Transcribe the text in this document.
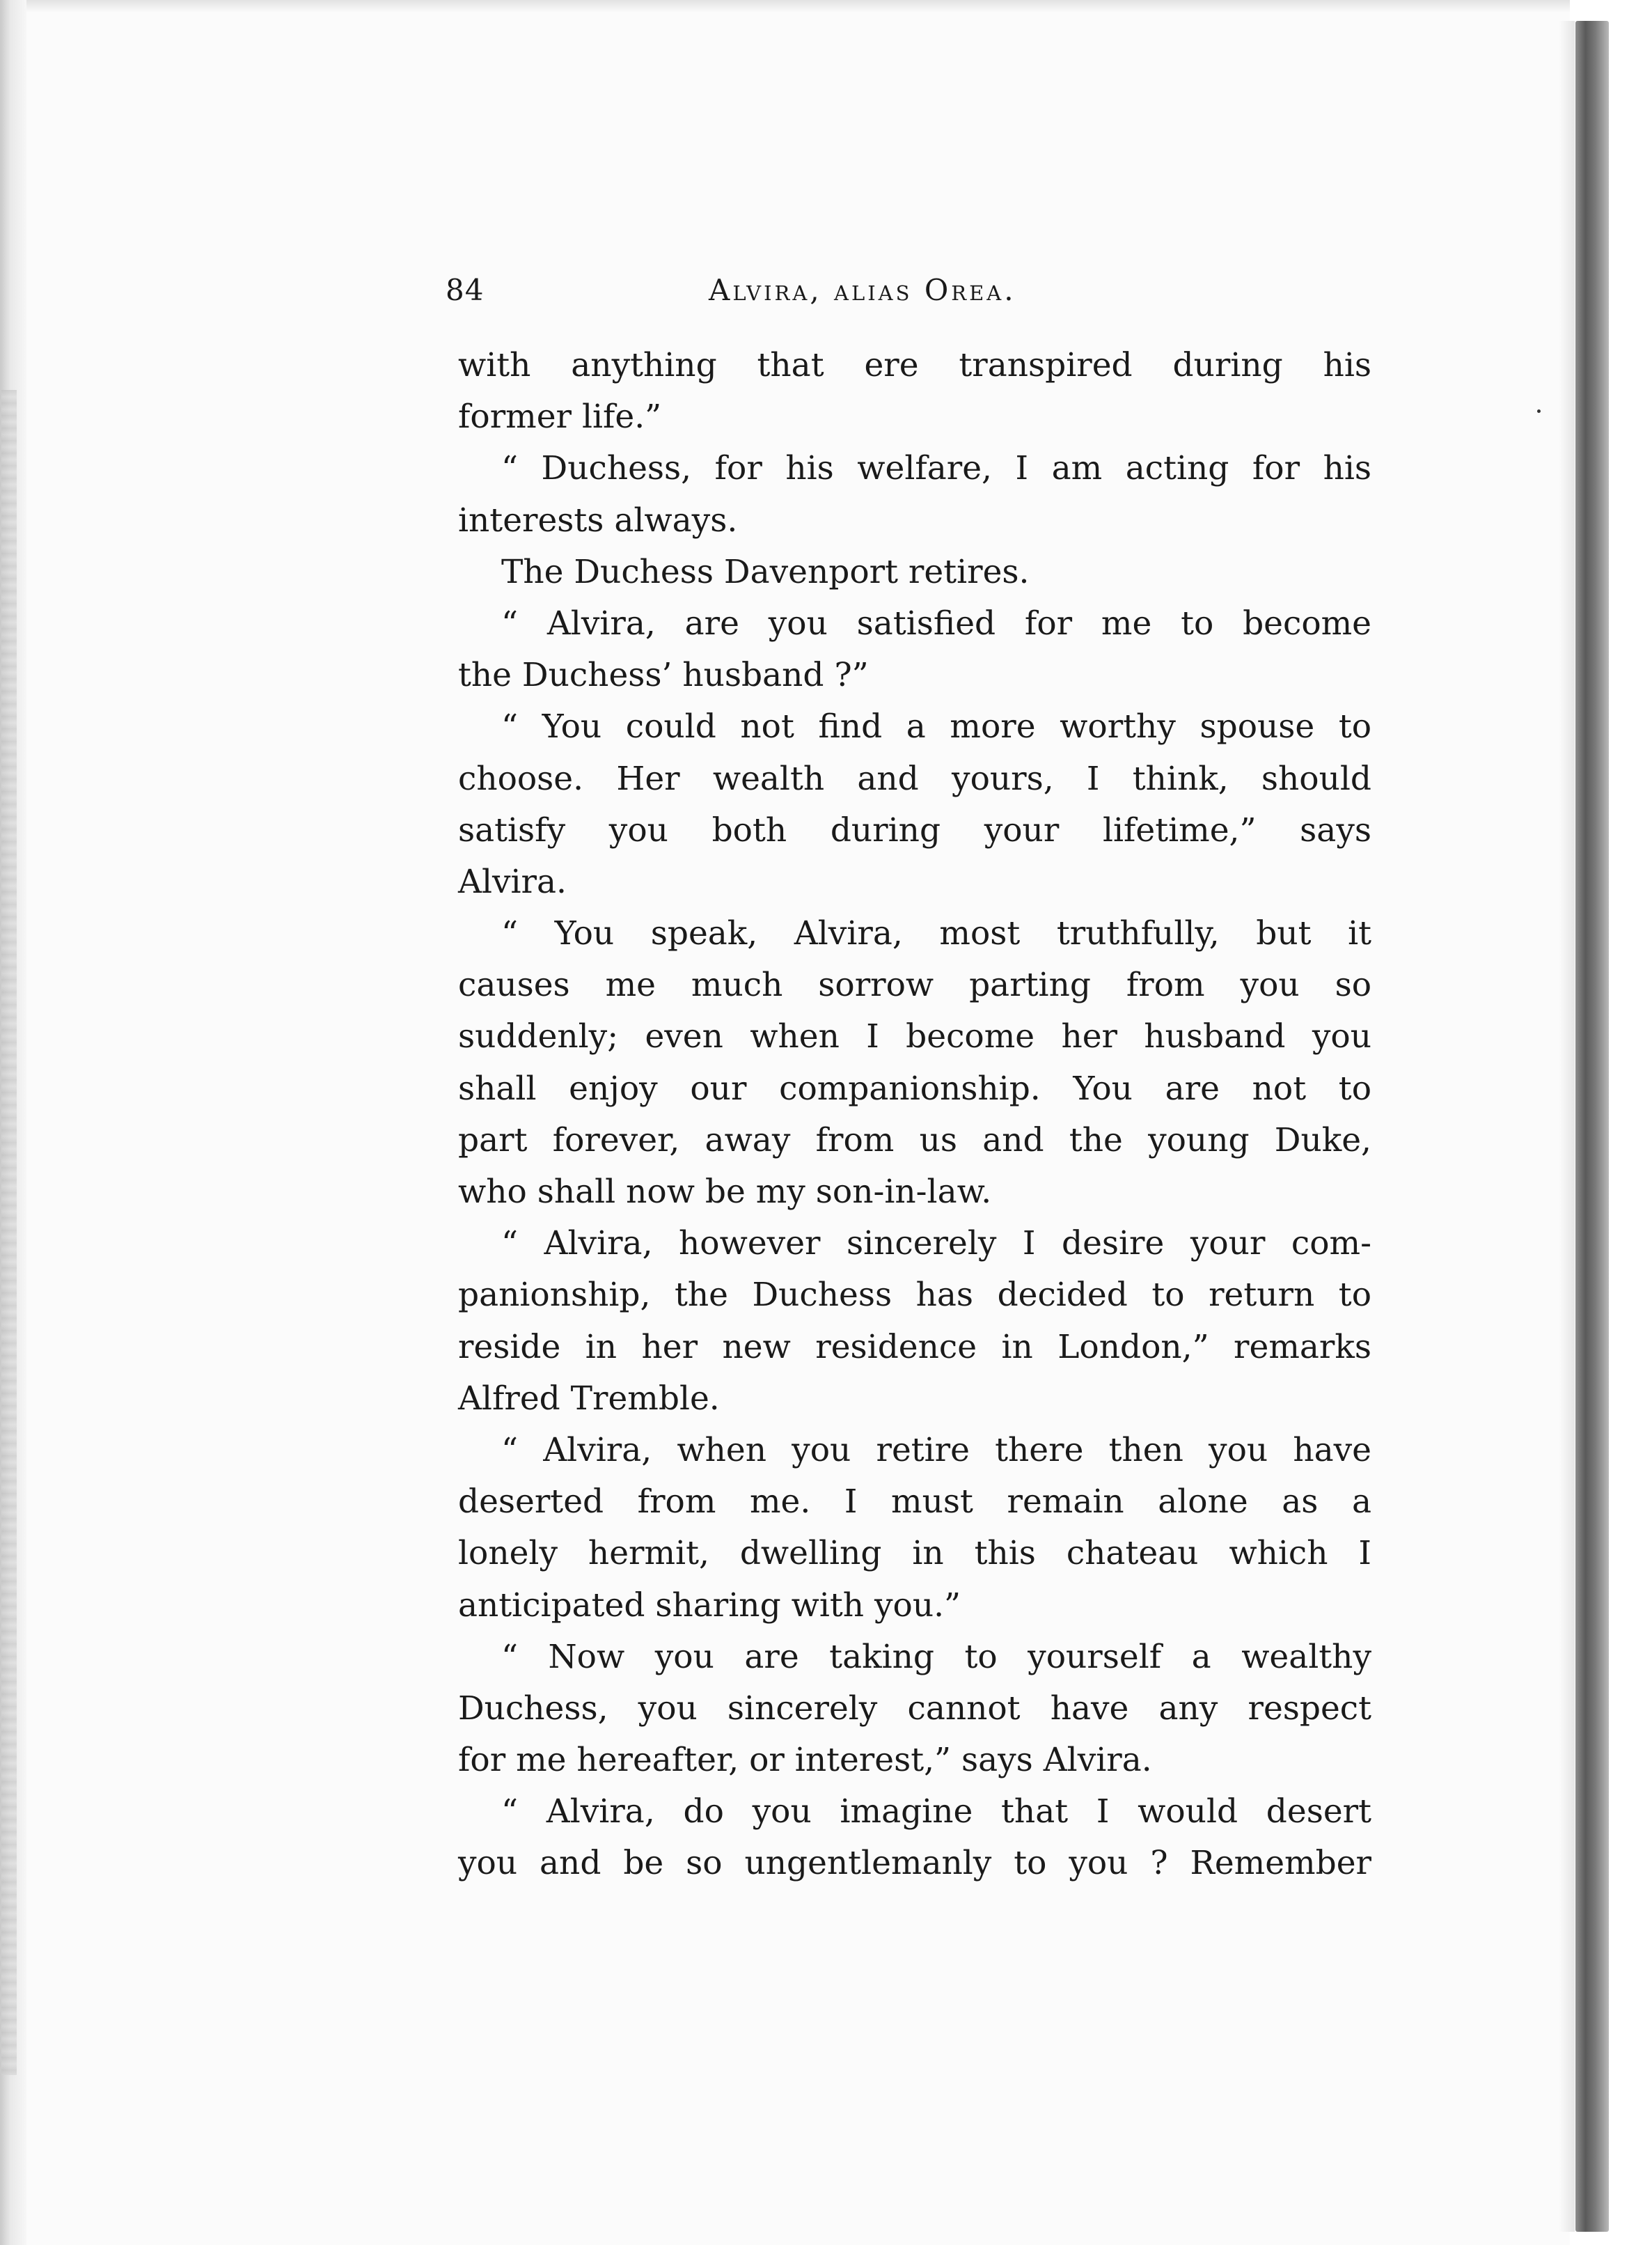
84	Alvira, alias Orea.
with anything that ere transpired during his
former life.”
“ Duchess, for his welfare, I am acting for his
interests always.
The Duchess Davenport retires.
“ Alvira, are you satisfied for me to become
the Duchess’ husband ?”
“ You could not find a more worthy spouse to
choose. Her wealth and yours, I think, should
satisfy you both during your lifetime,” says
Alvira.
“ You speak, Alvira, most truthfully, but it
causes me much sorrow parting from you so
suddenly; even when I become her husband you
shall enjoy our companionship. You are not to
part forever, away from us and the young Duke,
who shall now be my son-in-law.
“ Alvira, however sincerely I desire your com-
panionship, the Duchess has decided to return to
reside in her new residence in London,” remarks
Alfred Tremble.
“ Alvira, when you retire there then you have
deserted from me. I must remain alone as a
lonely hermit, dwelling in this chateau which I
anticipated sharing with you.”
“ Now you are taking to yourself a wealthy
Duchess, you sincerely cannot have any respect
for me hereafter, or interest,” says Alvira.
“ Alvira, do you imagine that I would desert
you and be so ungentlemanly to you ? Remember
